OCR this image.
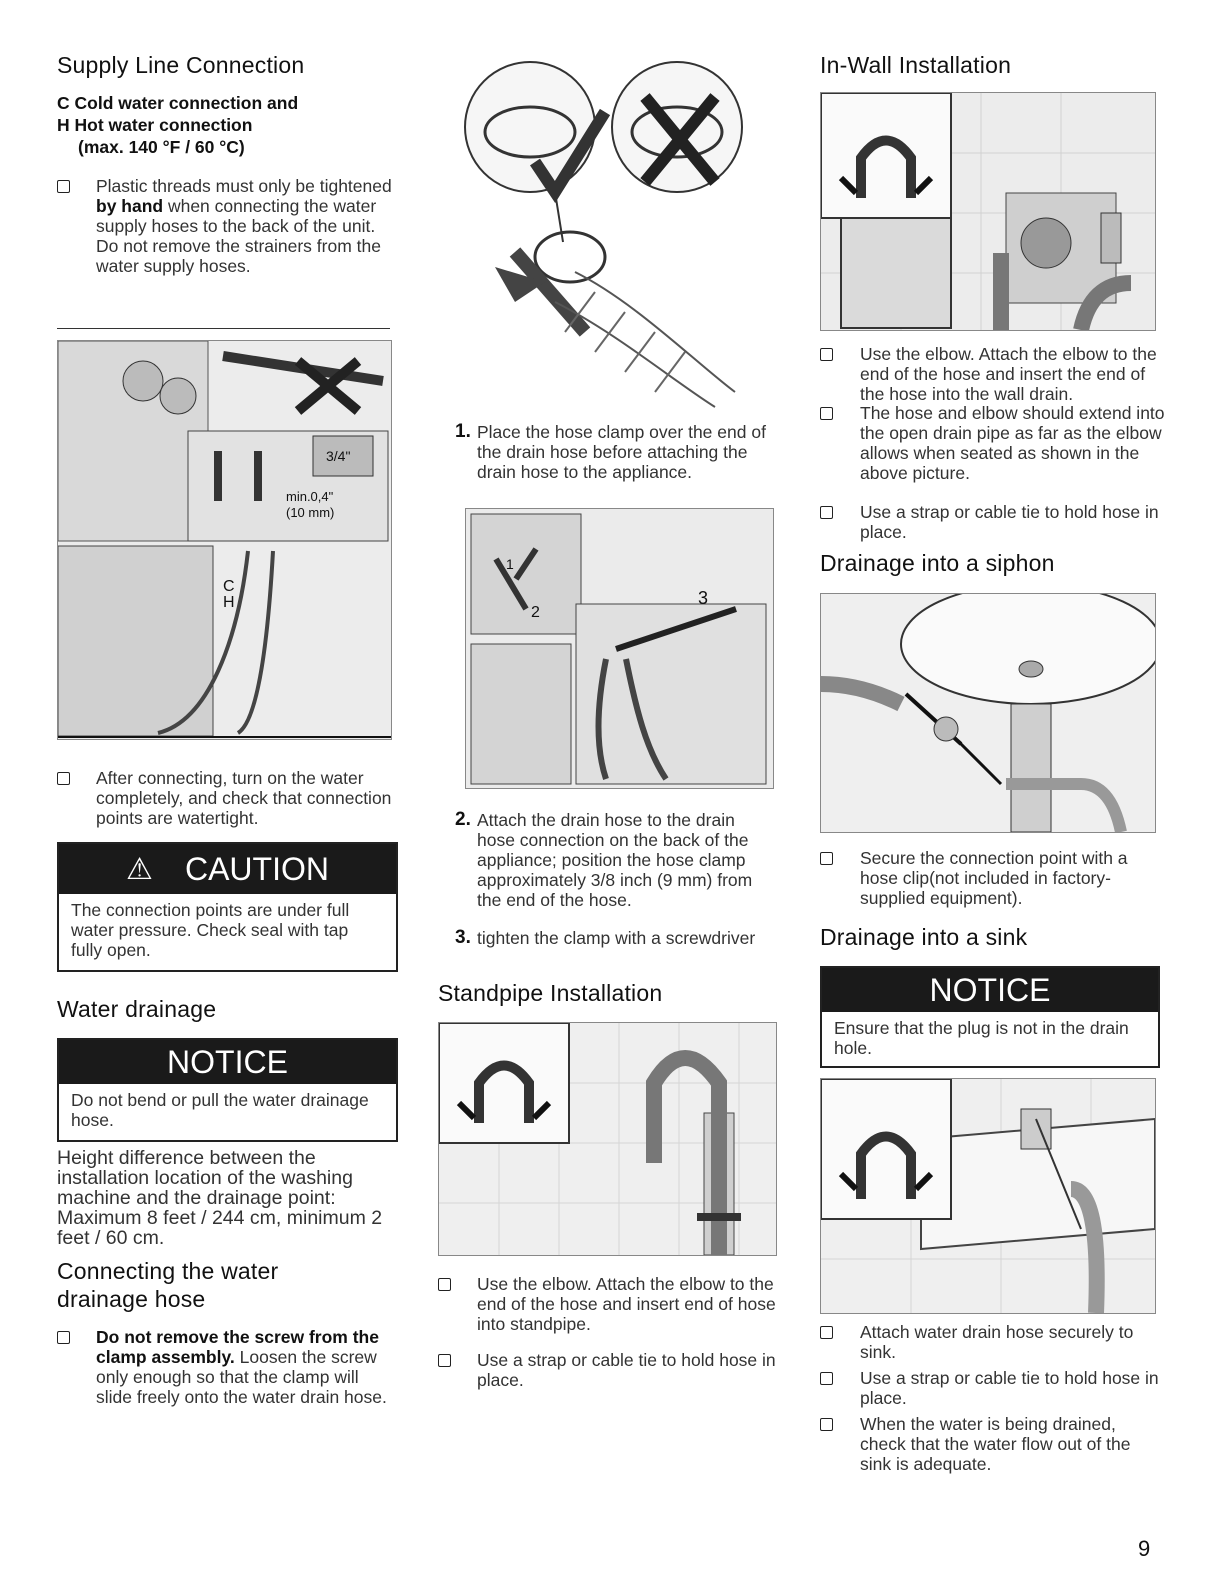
Supply Line Connection
C Cold water connection and
H Hot water connection
(max. 140 °F / 60 °C)
Plastic threads must only be tightened by hand when connecting the water supply hoses to the back of the unit. Do not remove the strainers from the water supply hoses.
3/4"
min.0,4"
(10 mm)
C
H
After connecting, turn on the water completely, and check that connection points are watertight.
⚠ CAUTION
The connection points are under full water pressure. Check seal with tap fully open.
Water drainage
NOTICE
Do not bend or pull the water drainage hose.
Height difference between the installation location of the washing machine and the drainage point: Maximum 8 feet / 244 cm, minimum 2 feet / 60 cm.
Connecting the water
drainage hose
Do not remove the screw from the clamp assembly. Loosen the screw only enough so that the clamp will slide freely onto the water drain hose.
1. Place the hose clamp over the end of the drain hose before attaching the drain hose to the appliance.
1
2
3
2. Attach the drain hose to the drain hose connection on the back of the appliance; position the hose clamp approximately 3/8 inch (9 mm) from the end of the hose.
3. tighten the clamp with a screwdriver
Standpipe Installation
Use the elbow. Attach the elbow to the end of the hose and insert end of hose into standpipe.
Use a strap or cable tie to hold hose in place.
In-Wall Installation
Use the elbow. Attach the elbow to the end of the hose and insert the end of the hose into the wall drain.
The hose and elbow should extend into the open drain pipe as far as the elbow allows when seated as shown in the above picture.
Use a strap or cable tie to hold hose in place.
Drainage into a siphon
Secure the connection point with a hose clip(not included in factory-supplied equipment).
Drainage into a sink
NOTICE
Ensure that the plug is not in the drain hole.
Attach water drain hose securely to sink.
Use a strap or cable tie to hold hose in place.
When the water is being drained, check that the water flow out of the sink is adequate.
9
